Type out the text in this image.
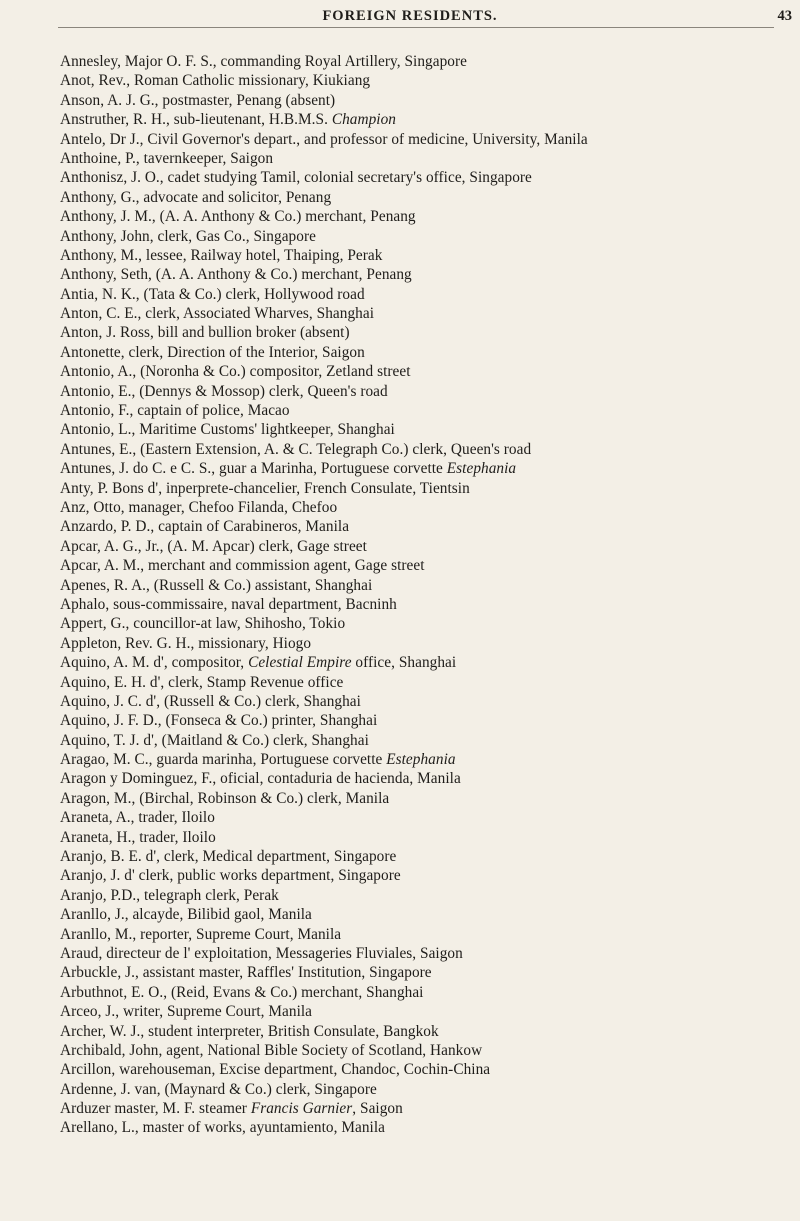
FOREIGN RESIDENTS.	43
Annesley, Major O. F. S., commanding Royal Artillery, Singapore
Anot, Rev., Roman Catholic missionary, Kiukiang
Anson, A. J. G., postmaster, Penang (absent)
Anstruther, R. H., sub-lieutenant, H.B.M.S. Champion
Antelo, Dr J., Civil Governor's depart., and professor of medicine, University, Manila
Anthoine, P., tavernkeeper, Saigon
Anthonisz, J. O., cadet studying Tamil, colonial secretary's office, Singapore
Anthony, G., advocate and solicitor, Penang
Anthony, J. M., (A. A. Anthony & Co.) merchant, Penang
Anthony, John, clerk, Gas Co., Singapore
Anthony, M., lessee, Railway hotel, Thaiping, Perak
Anthony, Seth, (A. A. Anthony & Co.) merchant, Penang
Antia, N. K., (Tata & Co.) clerk, Hollywood road
Anton, C. E., clerk, Associated Wharves, Shanghai
Anton, J. Ross, bill and bullion broker (absent)
Antonette, clerk, Direction of the Interior, Saigon
Antonio, A., (Noronha & Co.) compositor, Zetland street
Antonio, E., (Dennys & Mossop) clerk, Queen's road
Antonio, F., captain of police, Macao
Antonio, L., Maritime Customs' lightkeeper, Shanghai
Antunes, E., (Eastern Extension, A. & C. Telegraph Co.) clerk, Queen's road
Antunes, J. do C. e C. S., guar a Marinha, Portuguese corvette Estephania
Anty, P. Bons d', inperprete-chancelier, French Consulate, Tientsin
Anz, Otto, manager, Chefoo Filanda, Chefoo
Anzardo, P. D., captain of Carabineros, Manila
Apcar, A. G., Jr., (A. M. Apcar) clerk, Gage street
Apcar, A. M., merchant and commission agent, Gage street
Apenes, R. A., (Russell & Co.) assistant, Shanghai
Aphalo, sous-commissaire, naval department, Bacninh
Appert, G., councillor-at law, Shihosho, Tokio
Appleton, Rev. G. H., missionary, Hiogo
Aquino, A. M. d', compositor, Celestial Empire office, Shanghai
Aquino, E. H. d', clerk, Stamp Revenue office
Aquino, J. C. d', (Russell & Co.) clerk, Shanghai
Aquino, J. F. D., (Fonseca & Co.) printer, Shanghai
Aquino, T. J. d', (Maitland & Co.) clerk, Shanghai
Aragao, M. C., guarda marinha, Portuguese corvette Estephania
Aragon y Dominguez, F., oficial, contaduria de hacienda, Manila
Aragon, M., (Birchal, Robinson & Co.) clerk, Manila
Araneta, A., trader, Iloilo
Araneta, H., trader, Iloilo
Aranjo, B. E. d', clerk, Medical department, Singapore
Aranjo, J. d' clerk, public works department, Singapore
Aranjo, P.D., telegraph clerk, Perak
Aranllo, J., alcayde, Bilibid gaol, Manila
Aranllo, M., reporter, Supreme Court, Manila
Araud, directeur de l' exploitation, Messageries Fluviales, Saigon
Arbuckle, J., assistant master, Raffles' Institution, Singapore
Arbuthnot, E. O., (Reid, Evans & Co.) merchant, Shanghai
Arceo, J., writer, Supreme Court, Manila
Archer, W. J., student interpreter, British Consulate, Bangkok
Archibald, John, agent, National Bible Society of Scotland, Hankow
Arcillon, warehouseman, Excise department, Chandoc, Cochin-China
Ardenne, J. van, (Maynard & Co.) clerk, Singapore
Arduzer master, M. F. steamer Francis Garnier, Saigon
Arellano, L., master of works, ayuntamiento, Manila
